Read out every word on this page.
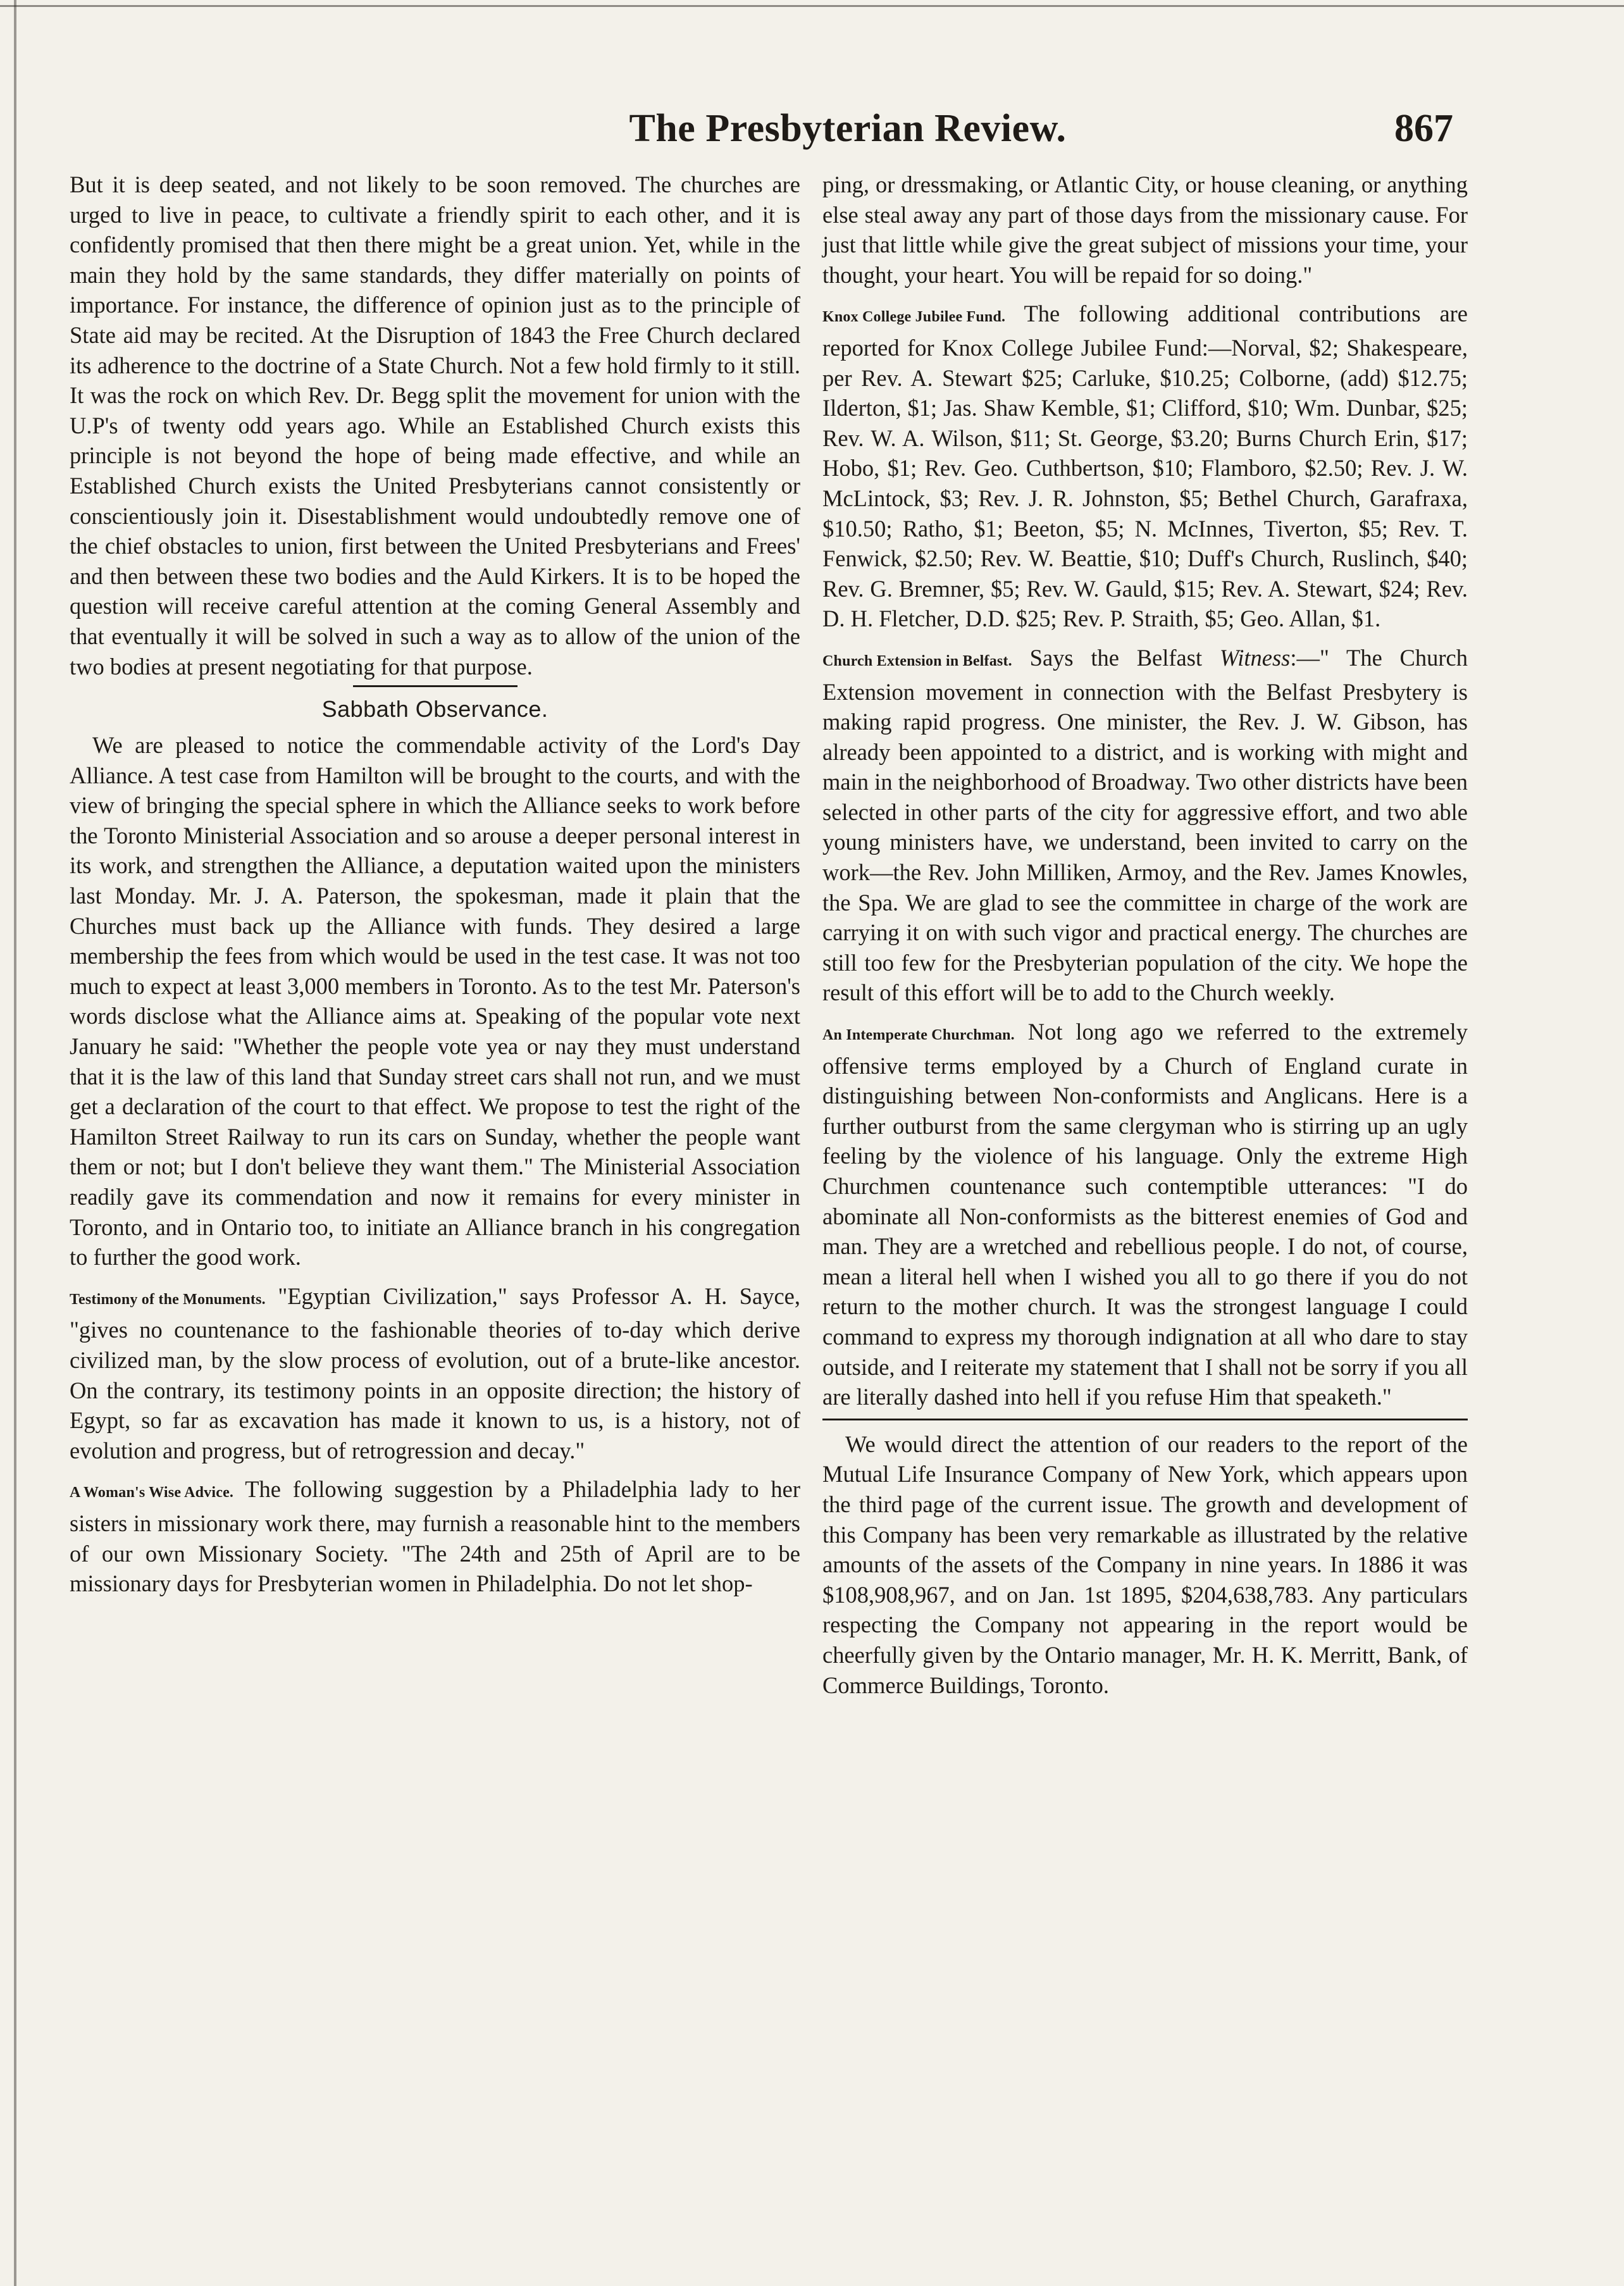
The Presbyterian Review.	867

But it is deep seated, and not likely to be soon removed. The churches are urged to live in peace, to cultivate a friendly spirit to each other, and it is confidently promised that then there might be a great union. Yet, while in the main they hold by the same standards, they differ materially on points of importance. For instance, the difference of opinion just as to the principle of State aid may be recited. At the Disruption of 1843 the Free Church declared its adherence to the doctrine of a State Church. Not a few hold firmly to it still. It was the rock on which Rev. Dr. Begg split the movement for union with the U.P's of twenty odd years ago. While an Established Church exists this principle is not beyond the hope of being made effective, and while an Established Church exists the United Presbyterians cannot consistently or conscientiously join it. Disestablishment would undoubtedly remove one of the chief obstacles to union, first between the United Presbyterians and Frees' and then between these two bodies and the Auld Kirkers. It is to be hoped the question will receive careful attention at the coming General Assembly and that eventually it will be solved in such a way as to allow of the union of the two bodies at present negotiating for that purpose.

Sabbath Observance.

We are pleased to notice the commendable activity of the Lord's Day Alliance. A test case from Hamilton will be brought to the courts, and with the view of bringing the special sphere in which the Alliance seeks to work before the Toronto Ministerial Association and so arouse a deeper personal interest in its work, and strengthen the Alliance, a deputation waited upon the ministers last Monday. Mr. J. A. Paterson, the spokesman, made it plain that the Churches must back up the Alliance with funds. They desired a large membership the fees from which would be used in the test case. It was not too much to expect at least 3,000 members in Toronto. As to the test Mr. Paterson's words disclose what the Alliance aims at. Speaking of the popular vote next January he said: "Whether the people vote yea or nay they must understand that it is the law of this land that Sunday street cars shall not run, and we must get a declaration of the court to that effect. We propose to test the right of the Hamilton Street Railway to run its cars on Sunday, whether the people want them or not; but I don't believe they want them." The Ministerial Association readily gave its commendation and now it remains for every minister in Toronto, and in Ontario too, to initiate an Alliance branch in his congregation to further the good work.

Testimony of the Monuments. "Egyptian Civilization," says Professor A. H. Sayce, "gives no countenance to the fashionable theories of to-day which derive civilized man, by the slow process of evolution, out of a brute-like ancestor. On the contrary, its testimony points in an opposite direction; the history of Egypt, so far as excavation has made it known to us, is a history, not of evolution and progress, but of retrogression and decay."

A Woman's Wise Advice. The following suggestion by a Philadelphia lady to her sisters in missionary work there, may furnish a reasonable hint to the members of our own Missionary Society. "The 24th and 25th of April are to be missionary days for Presbyterian women in Philadelphia. Do not let shop-

ping, or dressmaking, or Atlantic City, or house cleaning, or anything else steal away any part of those days from the missionary cause. For just that little while give the great subject of missions your time, your thought, your heart. You will be repaid for so doing."

Knox College Jubilee Fund. The following additional contributions are reported for Knox College Jubilee Fund:—Norval, $2; Shakespeare, per Rev. A. Stewart $25; Carluke, $10.25; Colborne, (add) $12.75; Ilderton, $1; Jas. Shaw Kemble, $1; Clifford, $10; Wm. Dunbar, $25; Rev. W. A. Wilson, $11; St. George, $3.20; Burns Church Erin, $17; Hobo, $1; Rev. Geo. Cuthbertson, $10; Flamboro, $2.50; Rev. J. W. McLintock, $3; Rev. J. R. Johnston, $5; Bethel Church, Garafraxa, $10.50; Ratho, $1; Beeton, $5; N. McInnes, Tiverton, $5; Rev. T. Fenwick, $2.50; Rev. W. Beattie, $10; Duff's Church, Ruslinch, $40; Rev. G. Bremner, $5; Rev. W. Gauld, $15; Rev. A. Stewart, $24; Rev. D. H. Fletcher, D.D. $25; Rev. P. Straith, $5; Geo. Allan, $1.

Church Extension in Belfast. Says the Belfast Witness:—" The Church Extension movement in connection with the Belfast Presbytery is making rapid progress. One minister, the Rev. J. W. Gibson, has already been appointed to a district, and is working with might and main in the neighborhood of Broadway. Two other districts have been selected in other parts of the city for aggressive effort, and two able young ministers have, we understand, been invited to carry on the work—the Rev. John Milliken, Armoy, and the Rev. James Knowles, the Spa. We are glad to see the committee in charge of the work are carrying it on with such vigor and practical energy. The churches are still too few for the Presbyterian population of the city. We hope the result of this effort will be to add to the Church weekly.

An Intemperate Churchman. Not long ago we referred to the extremely offensive terms employed by a Church of England curate in distinguishing between Non-conformists and Anglicans. Here is a further outburst from the same clergyman who is stirring up an ugly feeling by the violence of his language. Only the extreme High Churchmen countenance such contemptible utterances: "I do abominate all Non-conformists as the bitterest enemies of God and man. They are a wretched and rebellious people. I do not, of course, mean a literal hell when I wished you all to go there if you do not return to the mother church. It was the strongest language I could command to express my thorough indignation at all who dare to stay outside, and I reiterate my statement that I shall not be sorry if you all are literally dashed into hell if you refuse Him that speaketh."

We would direct the attention of our readers to the report of the Mutual Life Insurance Company of New York, which appears upon the third page of the current issue. The growth and development of this Company has been very remarkable as illustrated by the relative amounts of the assets of the Company in nine years. In 1886 it was $108,908,967, and on Jan. 1st 1895, $204,638,783. Any particulars respecting the Company not appearing in the report would be cheerfully given by the Ontario manager, Mr. H. K. Merritt, Bank, of Commerce Buildings, Toronto.
